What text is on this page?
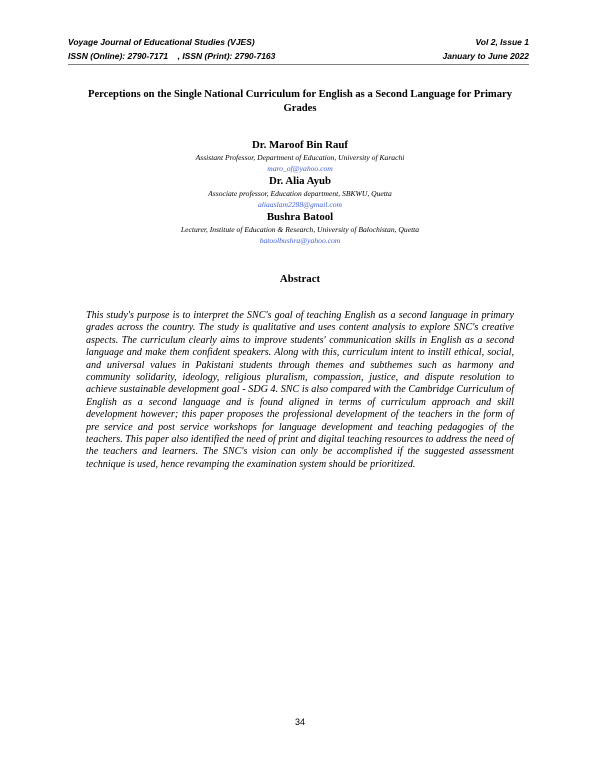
Voyage Journal of Educational Studies (VJES)	Vol 2, Issue 1
ISSN (Online): 2790-7171    , ISSN (Print): 2790-7163	January to June 2022
Perceptions on the Single National Curriculum for English as a Second Language for Primary Grades
Dr. Maroof Bin Rauf
Assistant Professor, Department of Education, University of Karachi
maro_of@yahoo.com
Dr. Alia Ayub
Associate professor, Education department, SBKWU, Quetta
aliaaslam2288@gmail.com
Bushra Batool
Lecturer, Institute of Education & Research, University of Balochistan, Quetta
batoolbushra@yahoo.com
Abstract
This study's purpose is to interpret the SNC's goal of teaching English as a second language in primary grades across the country. The study is qualitative and uses content analysis to explore SNC's creative aspects. The curriculum clearly aims to improve students' communication skills in English as a second language and make them confident speakers. Along with this, curriculum intent to instill ethical, social, and universal values in Pakistani students through themes and subthemes such as harmony and community solidarity, ideology, religious pluralism, compassion, justice, and dispute resolution to achieve sustainable development goal - SDG 4. SNC is also compared with the Cambridge Curriculum of English as a second language and is found aligned in terms of curriculum approach and skill development however; this paper proposes the professional development of the teachers in the form of pre service and post service workshops for language development and teaching pedagogies of the teachers. This paper also identified the need of print and digital teaching resources to address the need of the teachers and learners. The SNC's vision can only be accomplished if the suggested assessment technique is used, hence revamping the examination system should be prioritized.
34
